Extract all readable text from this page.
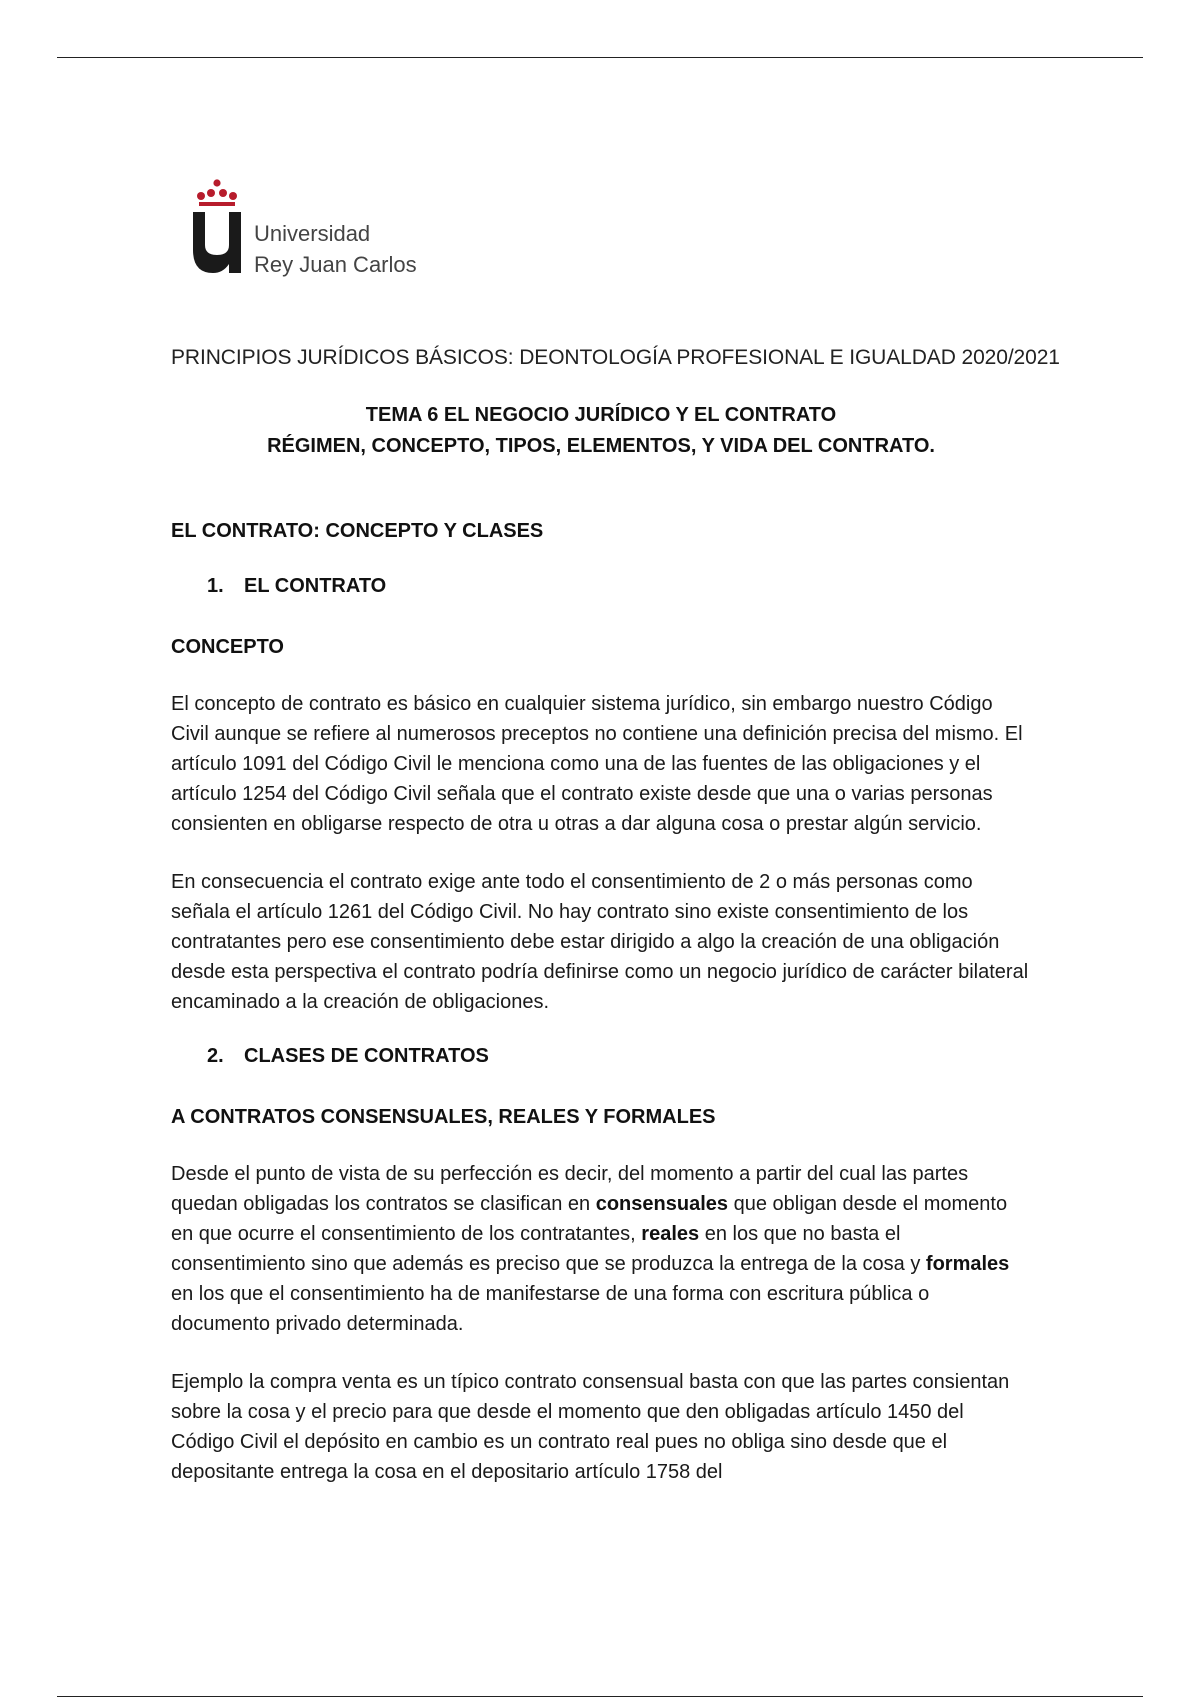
Universidad
Rey Juan Carlos

PRINCIPIOS JURÍDICOS BÁSICOS: DEONTOLOGÍA PROFESIONAL E IGUALDAD 2020/2021

TEMA 6 EL NEGOCIO JURÍDICO Y EL CONTRATO
RÉGIMEN, CONCEPTO, TIPOS, ELEMENTOS, Y VIDA DEL CONTRATO.

EL CONTRATO: CONCEPTO Y CLASES

1.	EL CONTRATO

CONCEPTO

El concepto de contrato es básico en cualquier sistema jurídico, sin embargo nuestro Código Civil aunque se refiere al numerosos preceptos no contiene una definición precisa del mismo. El artículo 1091 del Código Civil le menciona como una de las fuentes de las obligaciones y el artículo 1254 del Código Civil señala que el contrato existe desde que una o varias personas consienten en obligarse respecto de otra u otras a dar alguna cosa o prestar algún servicio.

En consecuencia el contrato exige ante todo el consentimiento de 2 o más personas como señala el artículo 1261 del Código Civil. No hay contrato sino existe consentimiento de los contratantes pero ese consentimiento debe estar dirigido a algo la creación de una obligación desde esta perspectiva el contrato podría definirse como un negocio jurídico de carácter bilateral encaminado a la creación de obligaciones.

2.	CLASES DE CONTRATOS

A CONTRATOS CONSENSUALES, REALES Y FORMALES

Desde el punto de vista de su perfección es decir, del momento a partir del cual las partes quedan obligadas los contratos se clasifican en consensuales que obligan desde el momento en que ocurre el consentimiento de los contratantes, reales en los que no basta el consentimiento sino que además es preciso que se produzca la entrega de la cosa y formales en los que el consentimiento ha de manifestarse de una forma con escritura pública o documento privado determinada.

Ejemplo la compra venta es un típico contrato consensual basta con que las partes consientan sobre la cosa y el precio para que desde el momento que den obligadas artículo 1450 del Código Civil el depósito en cambio es un contrato real pues no obliga sino desde que el depositante entrega la cosa en el depositario artículo 1758 del
